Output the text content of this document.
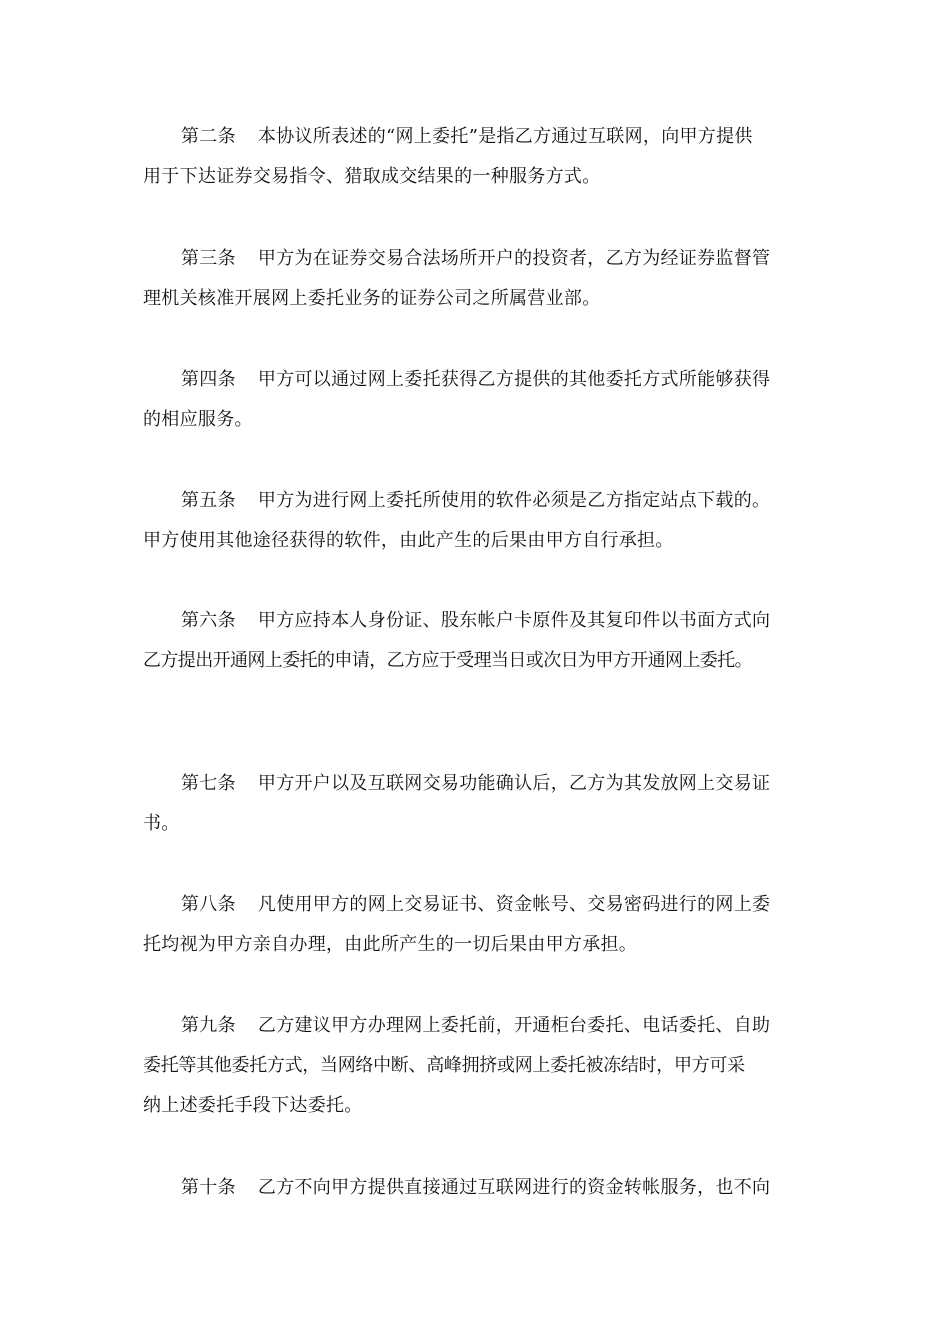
第二条 本协议所表述的“网上委托”是指乙方通过互联网，向甲方提供
用于下达证券交易指令、猎取成交结果的一种服务方式。
第三条 甲方为在证券交易合法场所开户的投资者，乙方为经证券监督管
理机关核准开展网上委托业务的证券公司之所属营业部。
第四条 甲方可以通过网上委托获得乙方提供的其他委托方式所能够获得
的相应服务。
第五条 甲方为进行网上委托所使用的软件必须是乙方指定站点下载的。
甲方使用其他途径获得的软件，由此产生的后果由甲方自行承担。
第六条 甲方应持本人身份证、股东帐户卡原件及其复印件以书面方式向
乙方提出开通网上委托的申请，乙方应于受理当日或次日为甲方开通网上委托。
第七条 甲方开户以及互联网交易功能确认后，乙方为其发放网上交易证
书。
第八条 凡使用甲方的网上交易证书、资金帐号、交易密码进行的网上委
托均视为甲方亲自办理，由此所产生的一切后果由甲方承担。
第九条 乙方建议甲方办理网上委托前，开通柜台委托、电话委托、自助
委托等其他委托方式，当网络中断、高峰拥挤或网上委托被冻结时，甲方可采
纳上述委托手段下达委托。
第十条 乙方不向甲方提供直接通过互联网进行的资金转帐服务，也不向
